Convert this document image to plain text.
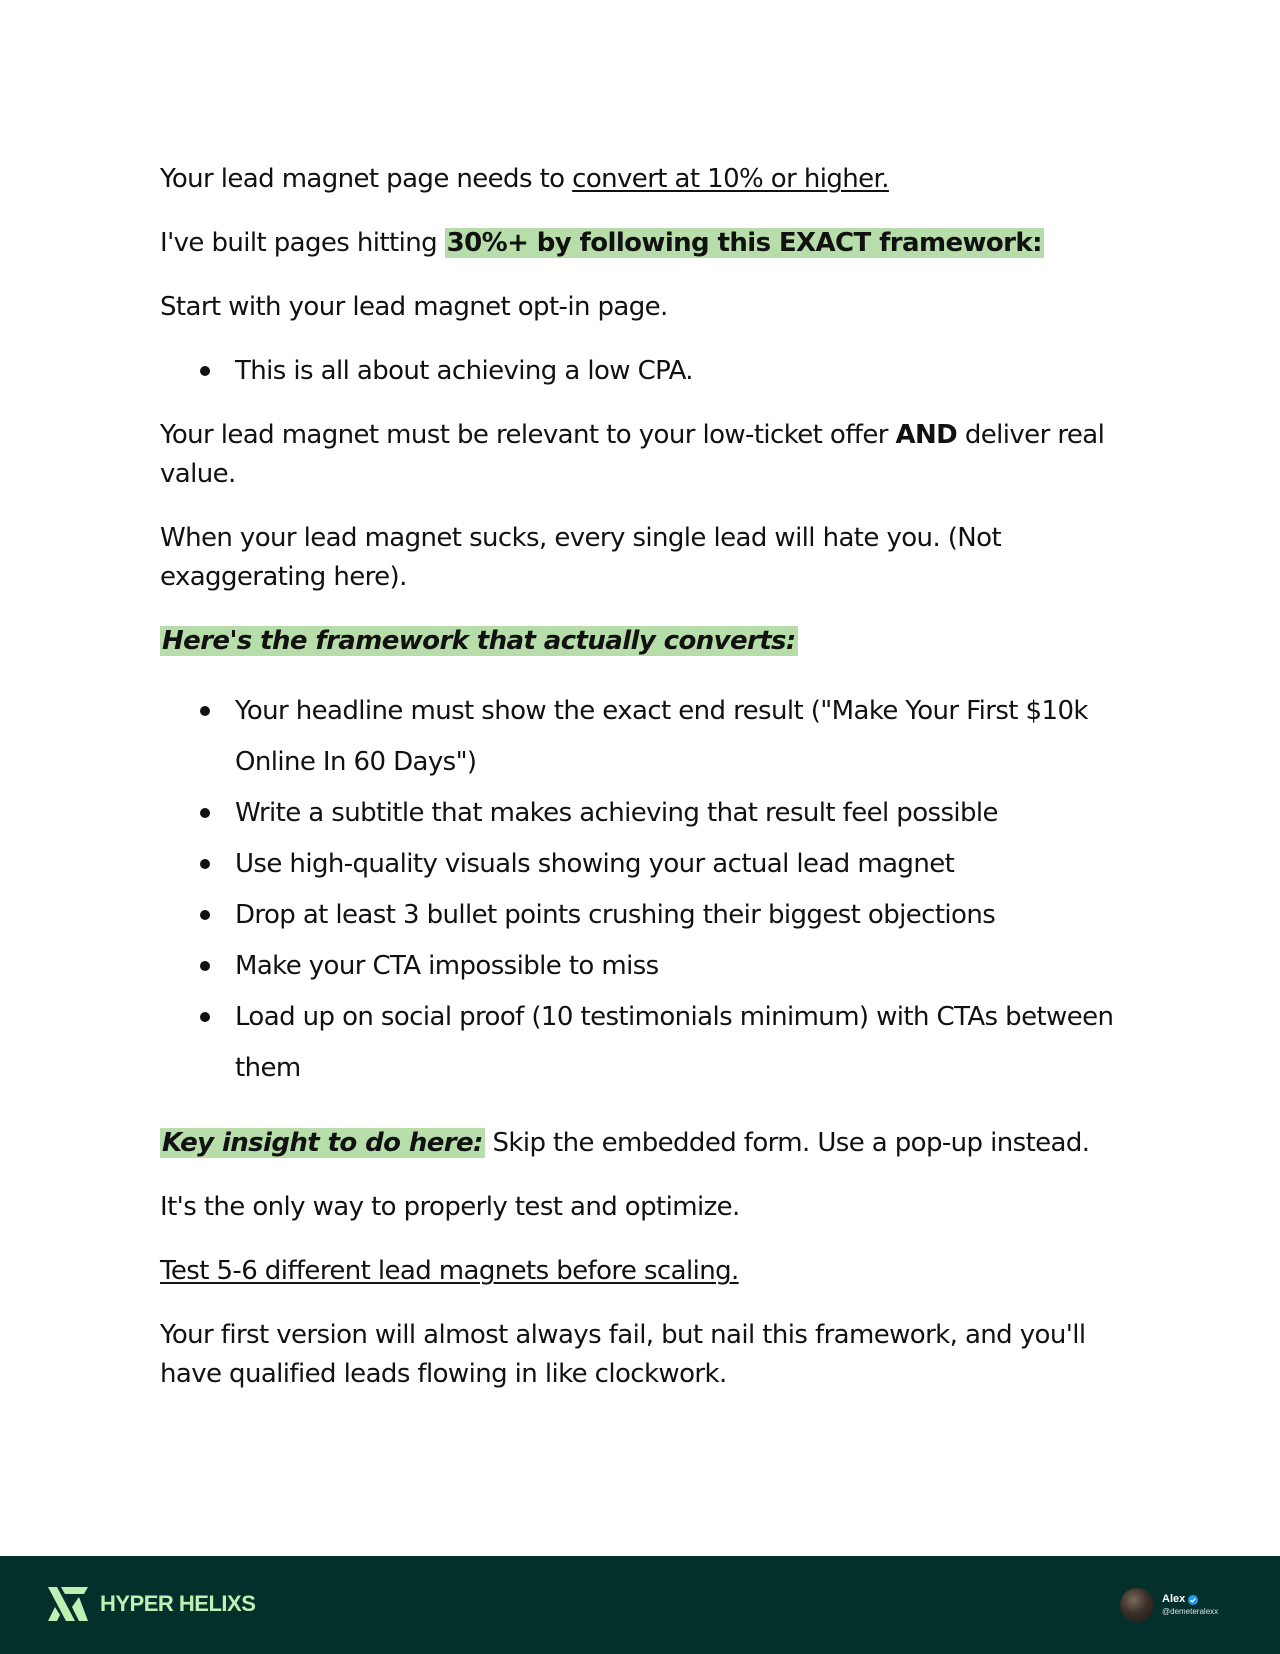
Your lead magnet page needs to convert at 10% or higher.

I've built pages hitting 30%+ by following this EXACT framework:

Start with your lead magnet opt-in page.

This is all about achieving a low CPA.

Your lead magnet must be relevant to your low-ticket offer AND deliver real value.

When your lead magnet sucks, every single lead will hate you. (Not exaggerating here).

Here's the framework that actually converts:

Your headline must show the exact end result ("Make Your First $10k Online In 60 Days")
Write a subtitle that makes achieving that result feel possible
Use high-quality visuals showing your actual lead magnet
Drop at least 3 bullet points crushing their biggest objections
Make your CTA impossible to miss
Load up on social proof (10 testimonials minimum) with CTAs between them

Key insight to do here: Skip the embedded form. Use a pop-up instead.

It's the only way to properly test and optimize.

Test 5-6 different lead magnets before scaling.

Your first version will almost always fail, but nail this framework, and you'll have qualified leads flowing in like clockwork.

HYPER HELIXS	Alex
@demeteralexx
